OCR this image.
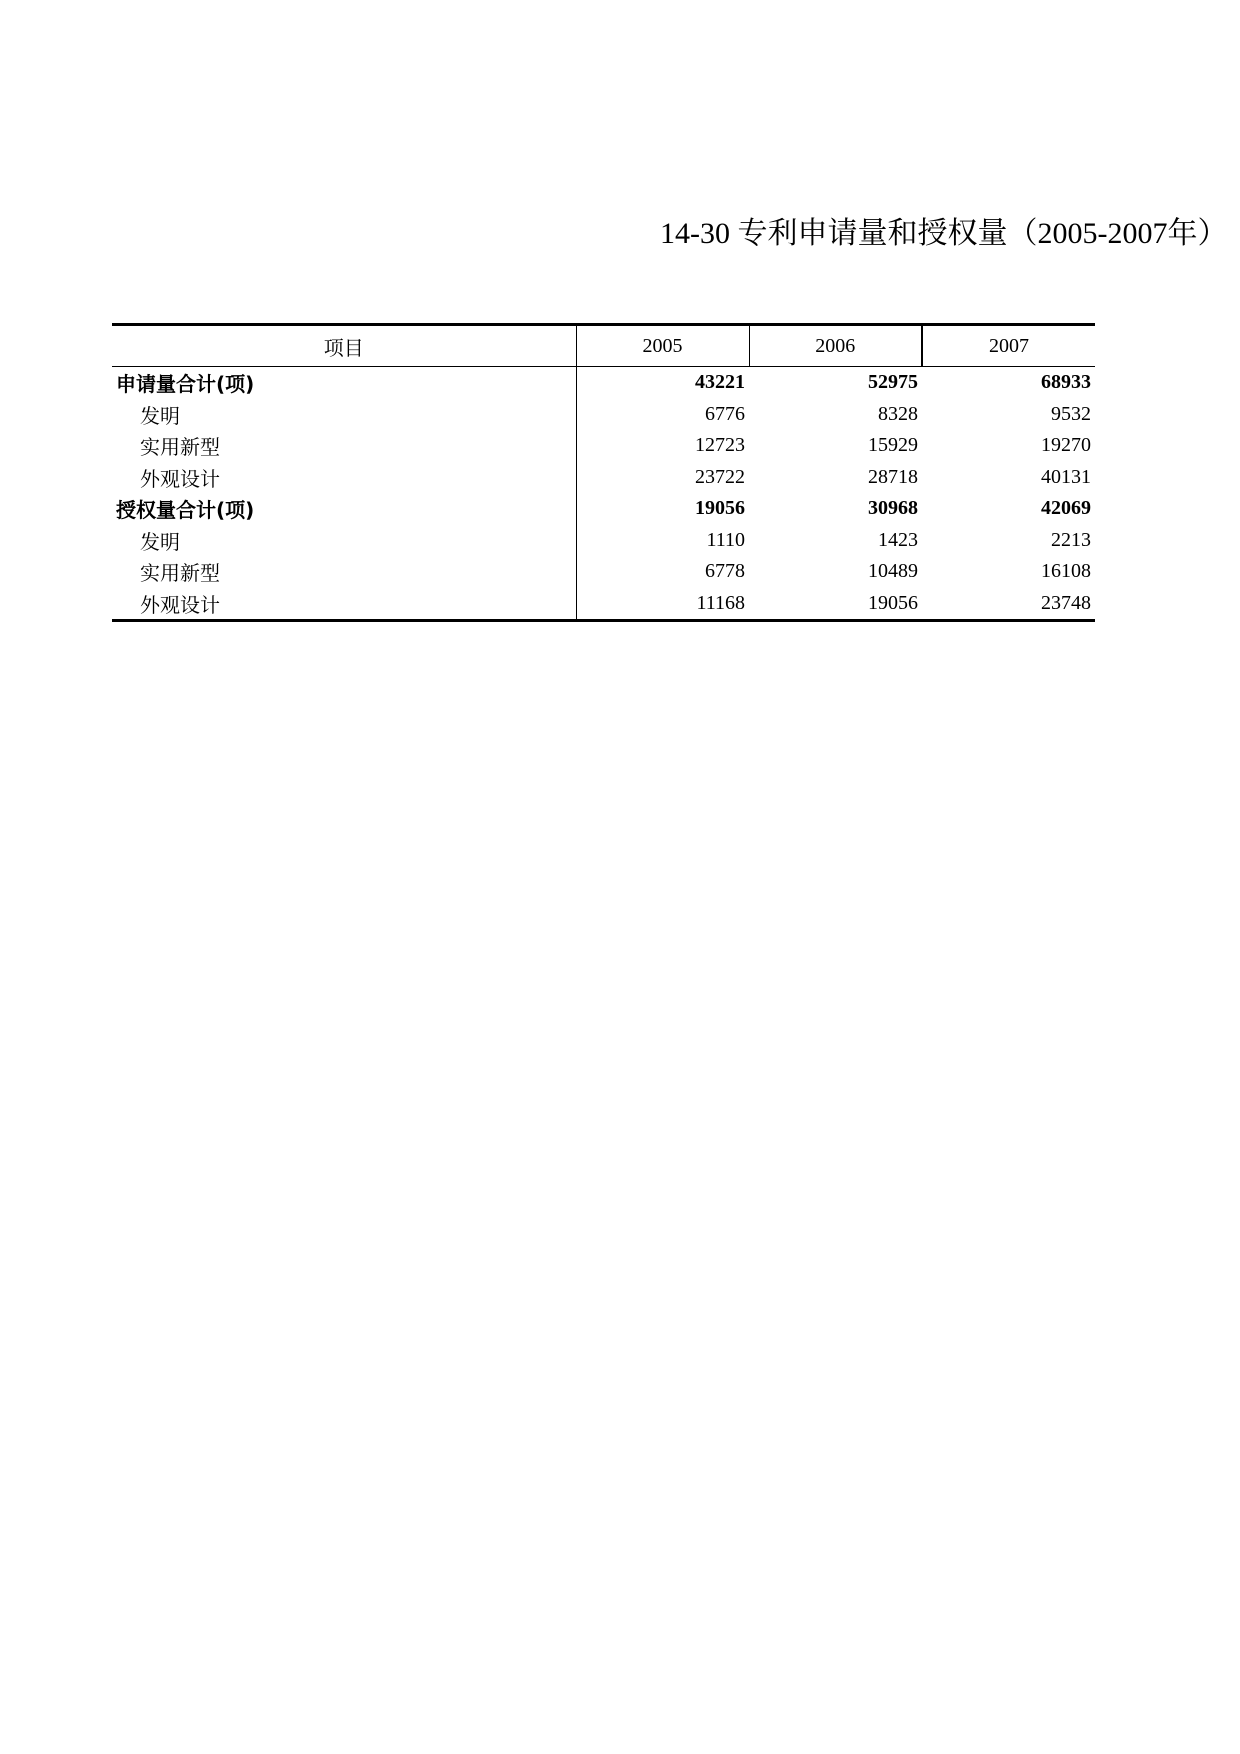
14-30 专利申请量和授权量（2005-2007年）
项目	2005	2006	2007
申请量合计(项)	43221	52975	68933
发明	6776	8328	9532
实用新型	12723	15929	19270
外观设计	23722	28718	40131
授权量合计(项)	19056	30968	42069
发明	1110	1423	2213
实用新型	6778	10489	16108
外观设计	11168	19056	23748
